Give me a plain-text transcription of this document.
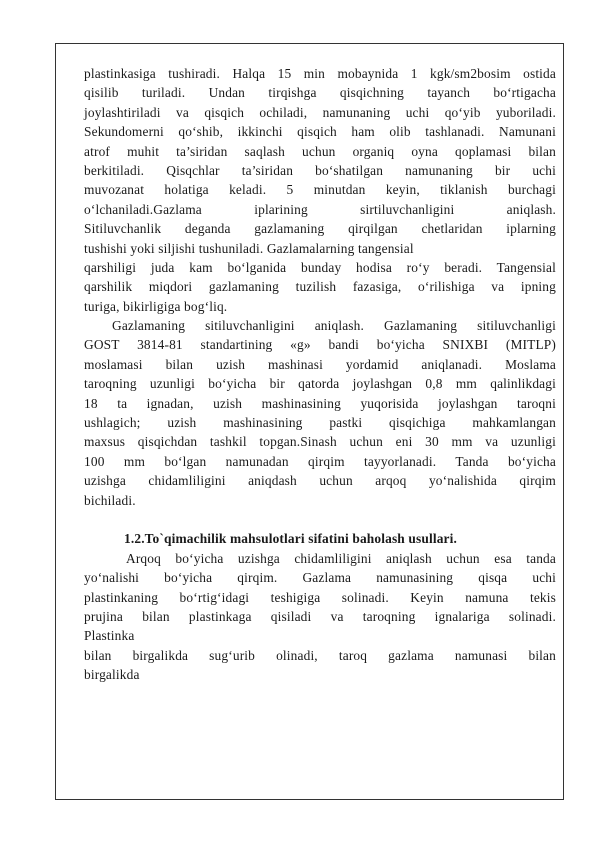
plastinkasiga tushiradi. Halqa 15 min mobaynida 1 kgk/sm2bosim ostida
qisilib turiladi. Undan tirqishga qisqichning tayanch bo‘rtigacha
joylashtiriladi va qisqich ochiladi, namunaning uchi qo‘yib yuboriladi.
Sekundomerni qo‘shib, ikkinchi qisqich ham olib tashlanadi. Namunani
atrof muhit ta’siridan saqlash uchun organiq oyna qoplamasi bilan
berkitiladi. Qisqchlar ta’siridan bo‘shatilgan namunaning bir uchi
muvozanat holatiga keladi. 5 minutdan keyin, tiklanish burchagi
o‘lchaniladi.Gazlama iplarining sirtiluvchanligini aniqlash.
Sitiluvchanlik deganda gazlamaning qirqilgan chetlaridan iplarning
tushishi yoki siljishi tushuniladi. Gazlamalarning tangensial
qarshiligi juda kam bo‘lganida bunday hodisa ro‘y beradi. Tangensial
qarshilik miqdori gazlamaning tuzilish fazasiga, o‘rilishiga va ipning
turiga, bikirligiga bog‘liq.
Gazlamaning sitiluvchanligini aniqlash. Gazlamaning sitiluvchanligi
GOST 3814-81 standartining «g» bandi bo‘yicha SNIXBI (MITLP)
moslamasi bilan uzish mashinasi yordamid aniqlanadi. Moslama
taroqning uzunligi bo‘yicha bir qatorda joylashgan 0,8 mm qalinlikdagi
18 ta ignadan, uzish mashinasining yuqorisida joylashgan taroqni
ushlagich; uzish mashinasining pastki qisqichiga mahkamlangan
maxsus qisqichdan tashkil topgan.Sinash uchun eni 30 mm va uzunligi
100 mm bo‘lgan namunadan qirqim tayyorlanadi. Tanda bo‘yicha
uzishga chidamliligini aniqdash uchun arqoq yo‘nalishida qirqim
bichiladi.
1.2.To`qimachilik mahsulotlari sifatini baholash usullari.
Arqoq bo‘yicha uzishga chidamliligini aniqlash uchun esa tanda
yo‘nalishi bo‘yicha qirqim. Gazlama namunasining qisqa uchi
plastinkaning bo‘rtig‘idagi teshigiga solinadi. Keyin namuna tekis
prujina bilan plastinkaga qisiladi va taroqning ignalariga solinadi.
Plastinka
bilan birgalikda sug‘urib olinadi, taroq gazlama namunasi bilan
birgalikda
